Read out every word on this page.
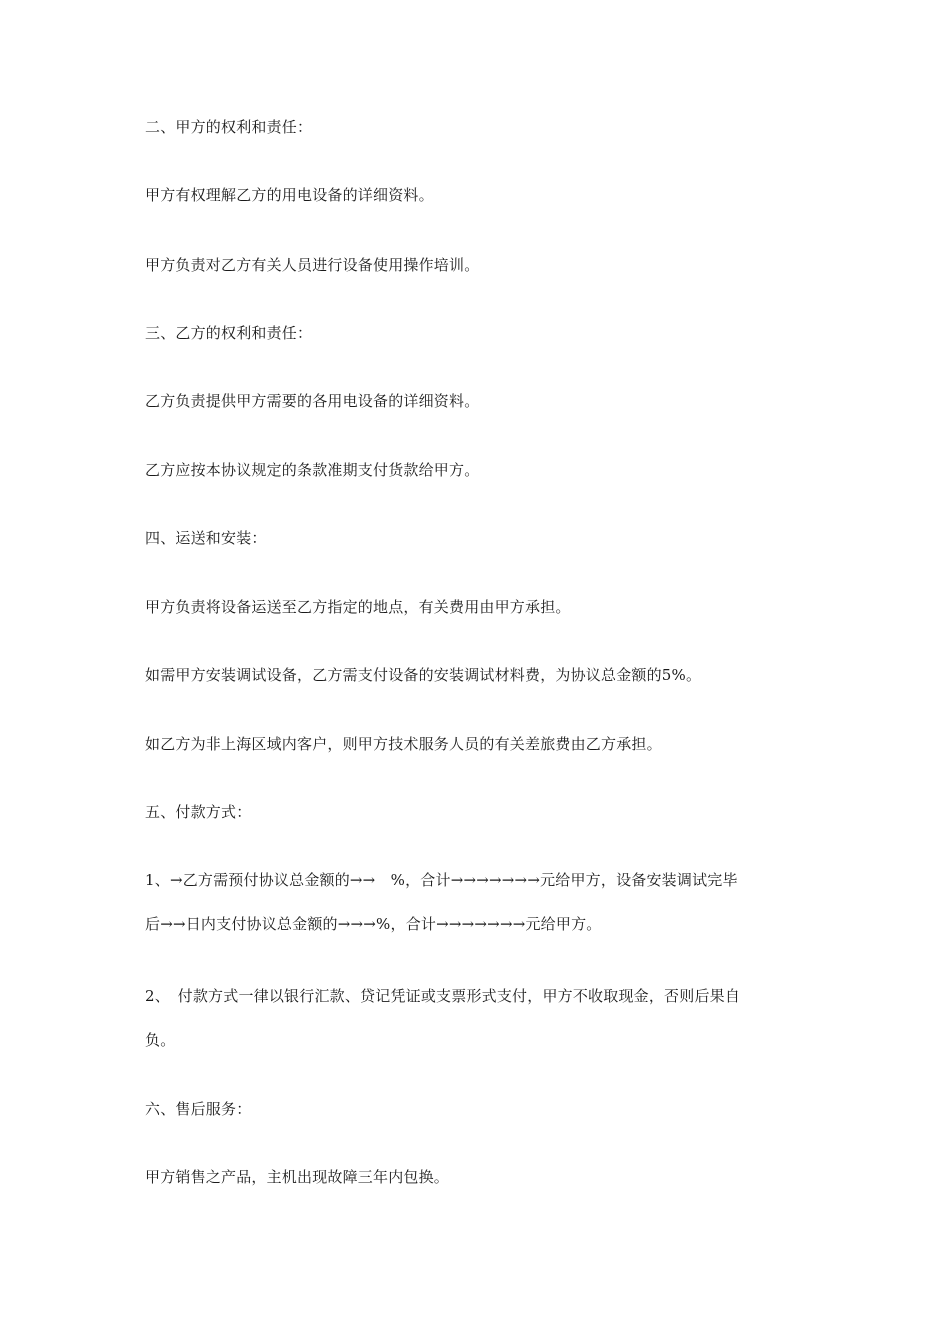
二、甲方的权利和责任：
甲方有权理解乙方的用电设备的详细资料。
甲方负责对乙方有关人员进行设备使用操作培训。
三、乙方的权利和责任：
乙方负责提供甲方需要的各用电设备的详细资料。
乙方应按本协议规定的条款准期支付货款给甲方。
四、运送和安装：
甲方负责将设备运送至乙方指定的地点，有关费用由甲方承担。
如需甲方安装调试设备，乙方需支付设备的安装调试材料费，为协议总金额的5%。
如乙方为非上海区域内客户，则甲方技术服务人员的有关差旅费由乙方承担。
五、付款方式：
1、→乙方需预付协议总金额的→→　%，合计→→→→→→→元给甲方，设备安装调试完毕
后→→日内支付协议总金额的→→→%，合计→→→→→→→元给甲方。
2、　付款方式一律以银行汇款、贷记凭证或支票形式支付，甲方不收取现金，否则后果自
负。
六、售后服务：
甲方销售之产品，主机出现故障三年内包换。
